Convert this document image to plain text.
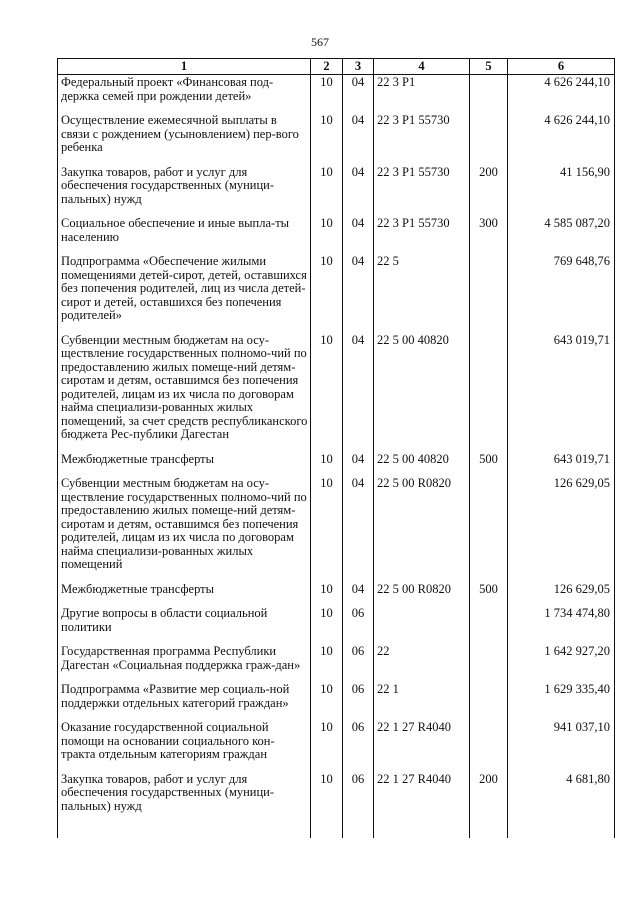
567
1	2	3	4	5	6
Федеральный проект «Финансовая под-держка семей при рождении детей»	10	04	22 3 P1		4 626 244,10
Осуществление ежемесячной выплаты в связи с рождением (усыновлением) пер-вого ребенка	10	04	22 3 P1 55730		4 626 244,10
Закупка товаров, работ и услуг для обеспечения государственных (муници-пальных) нужд	10	04	22 3 P1 55730	200	41 156,90
Социальное обеспечение и иные выпла-ты населению	10	04	22 3 P1 55730	300	4 585 087,20
Подпрограмма «Обеспечение жилыми помещениями детей-сирот, детей, оставшихся без попечения родителей, лиц из числа детей-сирот и детей, оставшихся без попечения родителей»	10	04	22 5		769 648,76
Субвенции местным бюджетам на осу-ществление государственных полномо-чий по предоставлению жилых помеще-ний детям-сиротам и детям, оставшимся без попечения родителей, лицам из их числа по договорам найма специализи-рованных жилых помещений, за счет средств республиканского бюджета Рес-публики Дагестан	10	04	22 5 00 40820		643 019,71
Межбюджетные трансферты	10	04	22 5 00 40820	500	643 019,71
Субвенции местным бюджетам на осу-ществление государственных полномо-чий по предоставлению жилых помеще-ний детям-сиротам и детям, оставшимся без попечения родителей, лицам из их числа по договорам найма специализи-рованных жилых помещений	10	04	22 5 00 R0820		126 629,05
Межбюджетные трансферты	10	04	22 5 00 R0820	500	126 629,05
Другие вопросы в области социальной политики	10	06			1 734 474,80
Государственная программа Республики Дагестан «Социальная поддержка граж-дан»	10	06	22		1 642 927,20
Подпрограмма «Развитие мер социаль-ной поддержки отдельных категорий граждан»	10	06	22 1		1 629 335,40
Оказание государственной социальной помощи на основании социального кон-тракта отдельным категориям граждан	10	06	22 1 27 R4040		941 037,10
Закупка товаров, работ и услуг для обеспечения государственных (муници-пальных) нужд	10	06	22 1 27 R4040	200	4 681,80
